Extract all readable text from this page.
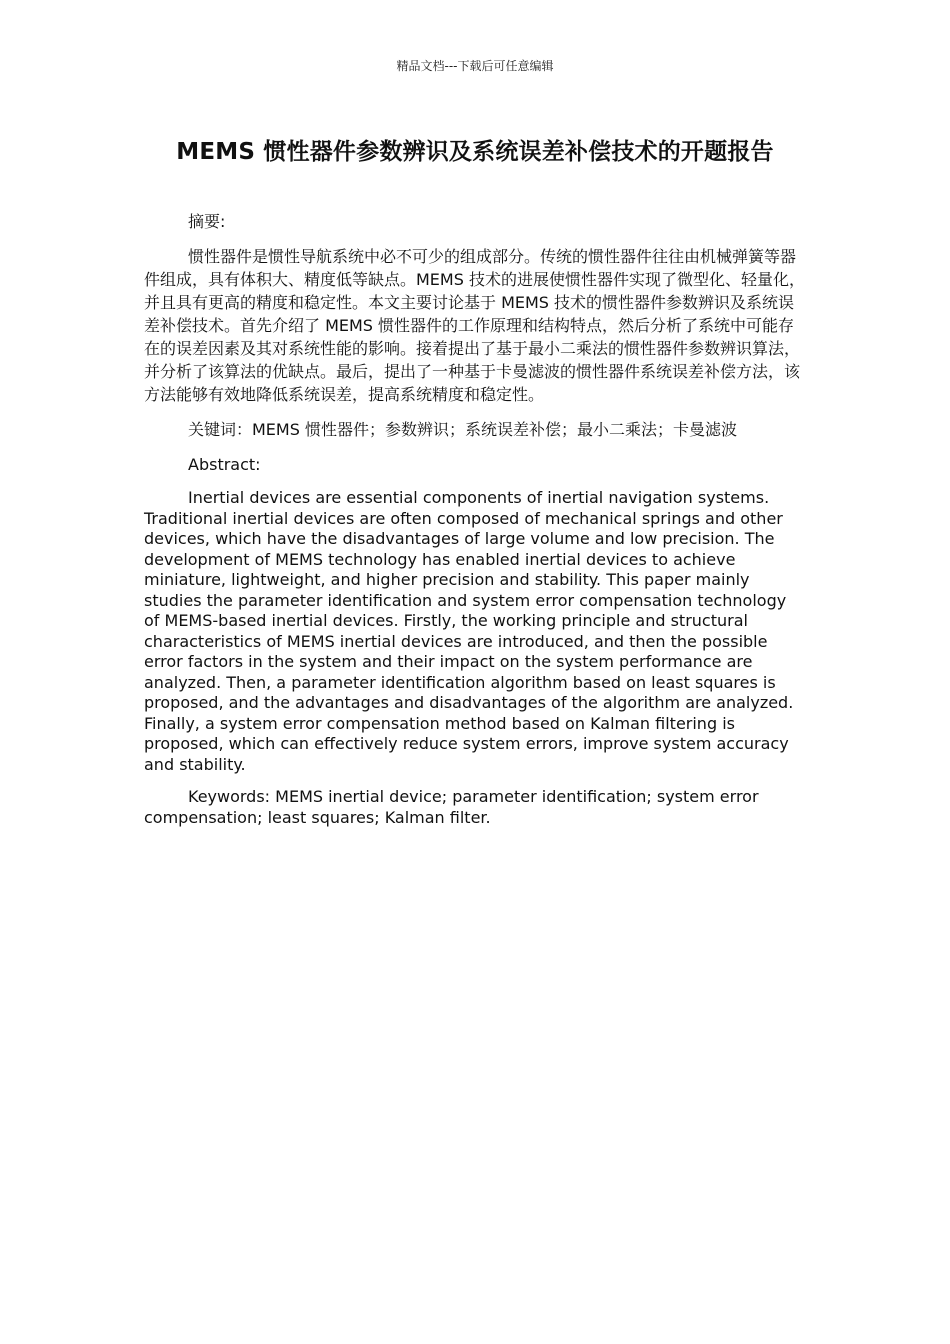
精品文档---下载后可任意编辑
MEMS 惯性器件参数辨识及系统误差补偿技术的开题报告

摘要:

惯性器件是惯性导航系统中必不可少的组成部分。传统的惯性器件往往由机械弹簧等器件组成，具有体积大、精度低等缺点。MEMS 技术的进展使惯性器件实现了微型化、轻量化，并且具有更高的精度和稳定性。本文主要讨论基于 MEMS 技术的惯性器件参数辨识及系统误差补偿技术。首先介绍了 MEMS 惯性器件的工作原理和结构特点，然后分析了系统中可能存在的误差因素及其对系统性能的影响。接着提出了基于最小二乘法的惯性器件参数辨识算法，并分析了该算法的优缺点。最后，提出了一种基于卡曼滤波的惯性器件系统误差补偿方法，该方法能够有效地降低系统误差，提高系统精度和稳定性。

关键词：MEMS 惯性器件；参数辨识；系统误差补偿；最小二乘法；卡曼滤波

Abstract:

Inertial devices are essential components of inertial navigation systems. Traditional inertial devices are often composed of mechanical springs and other devices, which have the disadvantages of large volume and low precision. The development of MEMS technology has enabled inertial devices to achieve miniature, lightweight, and higher precision and stability. This paper mainly studies the parameter identification and system error compensation technology of MEMS-based inertial devices. Firstly, the working principle and structural characteristics of MEMS inertial devices are introduced, and then the possible error factors in the system and their impact on the system performance are analyzed. Then, a parameter identification algorithm based on least squares is proposed, and the advantages and disadvantages of the algorithm are analyzed. Finally, a system error compensation method based on Kalman filtering is proposed, which can effectively reduce system errors, improve system accuracy and stability.

Keywords: MEMS inertial device; parameter identification; system error compensation; least squares; Kalman filter.
